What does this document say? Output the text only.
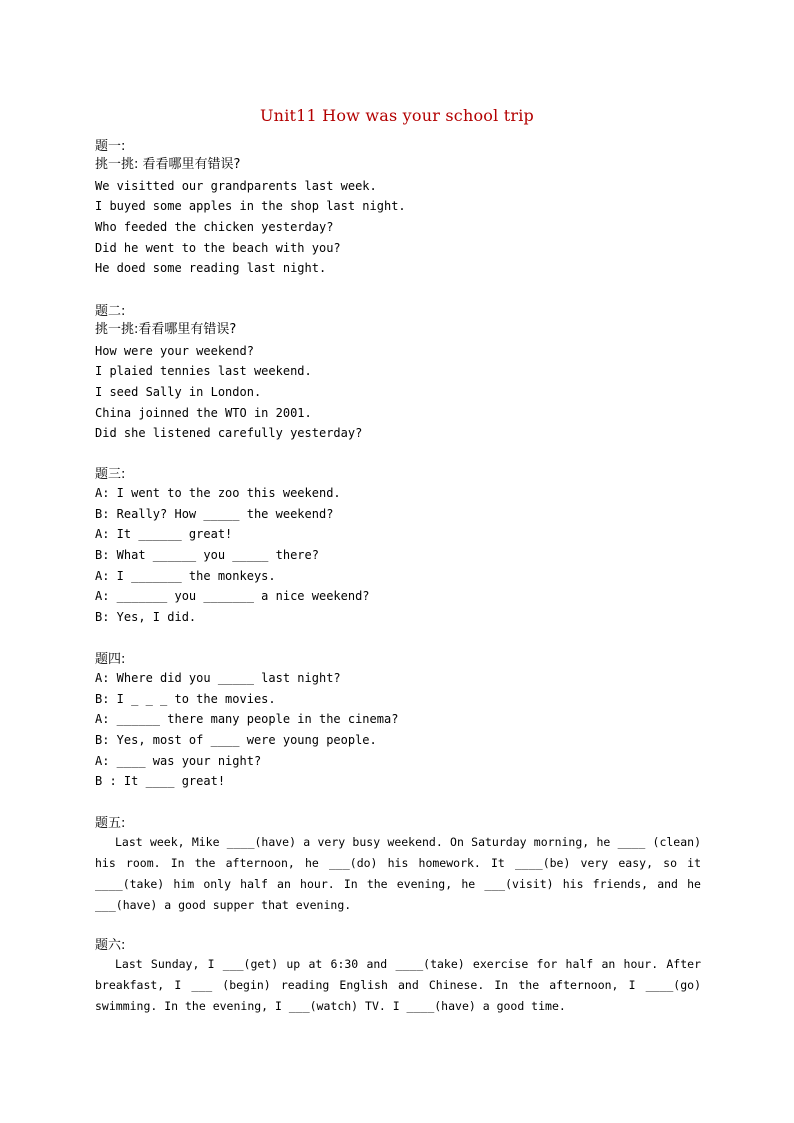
Unit11 How was your school trip
题一:
挑一挑: 看看哪里有错误?
We visitted our grandparents last week.
I buyed some apples in the shop last night.
Who feeded the chicken yesterday?
Did he went to the beach with you?
He doed some reading last night.
题二:
挑一挑:看看哪里有错误?
How were your weekend?
I plaied tennies last weekend.
I seed Sally in London.
China joinned the WTO in 2001.
Did she listened carefully yesterday?
题三:
A: I went to the zoo this weekend.
B: Really? How _____ the weekend?
A: It ______ great!
B: What ______ you _____ there?
A: I _______ the monkeys.
A: _______ you _______ a nice weekend?
B: Yes, I did.
题四:
A: Where did you _____ last night?
B: I _ _ _ to the movies.
A: ______ there many people in the cinema?
B: Yes, most of ____ were young people.
A: ____ was your night?
B : It ____ great!
题五:

Last week, Mike ____(have) a very busy weekend. On Saturday morning, he ____ (clean) his room. In the afternoon, he ___(do) his homework. It ____(be) very easy, so it ____(take) him only half an hour. In the evening, he ___(visit) his friends, and he ___(have) a good supper that evening.

题六:

Last Sunday, I ___(get) up at 6:30 and ____(take) exercise for half an hour. After breakfast, I ___ (begin) reading English and Chinese. In the afternoon, I ____(go) swimming. In the evening, I ___(watch) TV. I ____(have) a good time.
